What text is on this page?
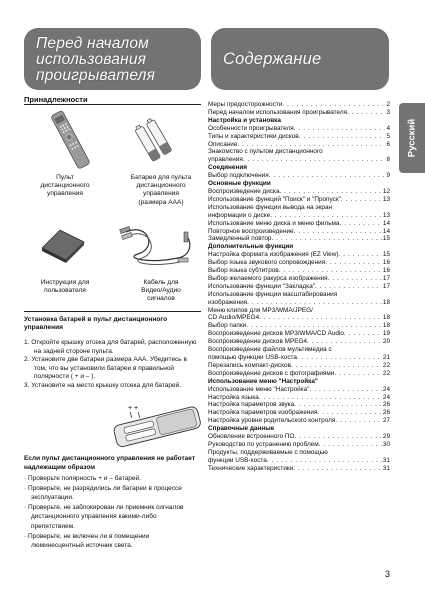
Перед началом
использования
проигрывателя
Содержание
Русский
Принадлежности
Пульт
дистанционного
управления
Батарея для пульта
дистанционного
управления
(размера ААА)
Инструкция для
пользователя
Кабель для
Видео/Аудио
сигналов
Установка батарей в пульт дистанционного управления
1. Откройте крышку отсека для батарей, расположенную на задней стороне пульта.
2. Установите две батареи размера ААА. Убедитесь в том, что вы установили батареи в правильной полярности ( + и – ).
3. Установите на место крышку отсека для батарей.
+ +
Если пульт дистанционного управления не работает надлежащим образом
· Проверьте полярность + и – батарей.
· Проверьте, не разрядились ли батареи в процессе эксплуатации.
· Проверьте, не заблокирован ли приемник сигналов дистанционного управления какими-либо препятствием.
· Проверьте, не включен ли в помещении люминесцентный источник света.
Меры предосторожности . . .	2
Перед началом использования проигрывателя . . .	3
Настройка и установка
Особенности проигрывателя . . .	4
Типы и характеристики дисков . . .	5
Описание . . .	6
Знакомство с пультом дистанционного
управления . . .	8
Соединения
Выбор подключения . . .	9
Основные функции
Воспроизведение диска . . .	12
Использование функций "Поиск" и "Пропуск" . . .	13
Использование функции вывода на экран
информации о диске . . .	13
Использование меню диска и меню фильма . . .	14
Повторное воспроизведение . . .	14
Замедленный повтор . . .	15
Дополнительные функции
Настройка формата изображения (EZ View) . . .	15
Выбор языка звукового сопровождения . . .	16
Выбор языка субтитров . . .	16
Выбор желаемого ракурса изображения . . .	17
Использование функции "Закладка" . . .	17
Использование функции масштабирования
изображения . . .	18
Меню клипов для MP3/WMA/JPEG/
CD Audio/MPEG4 . . .	18
Выбор папки . . .	18
Воспроизведение дисков MP3/WMA/CD Audio . . .	19
Воспроизведение дисков MPEG4 . . .	20
Воспроизведение файлов мультимедиа с
помощью функции USB-хоста . . .	21
Перезапись компакт-дисков . . .	22
Воспроизведение дисков с фотографиями . . .	22
Использование меню "Настройка"
Использование меню "Настройка" . . .	24
Настройка языка . . .	24
Настройка параметров звука . . .	26
Настройка параметров изображения . . .	26
Настройка уровня родительского контроля . . .	27
Справочные данные
Обновление встроенного ПО . . .	29
Руководство по устранению проблем . . .	30
Продукты, поддерживаемые с помощью
функции USB-хоста . . .	31
Технические характеристики . . .	31
3
